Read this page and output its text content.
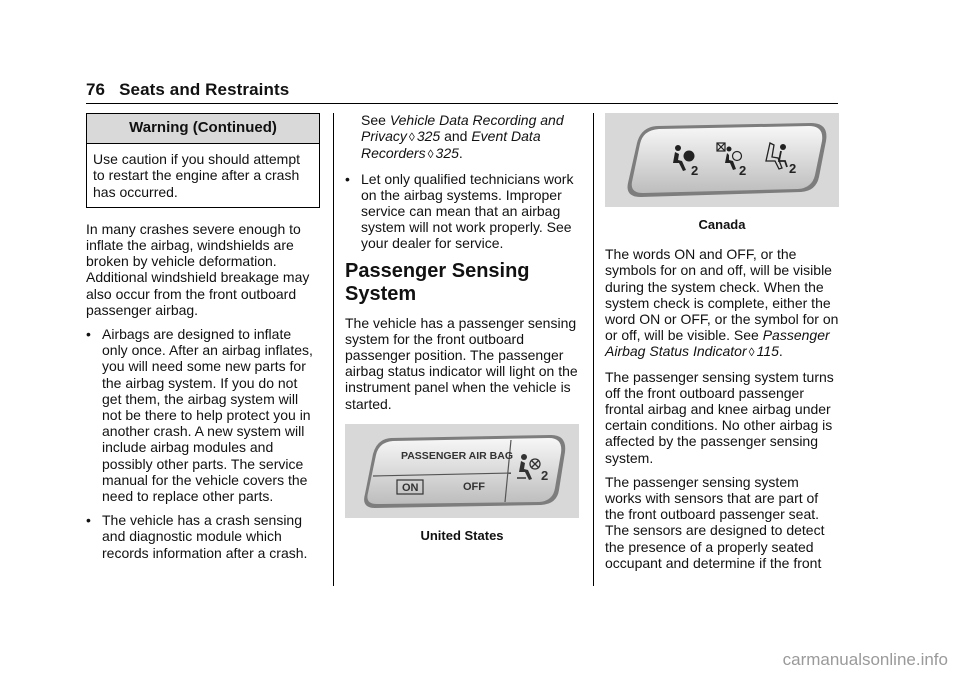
76 Seats and Restraints
Warning (Continued)
Use caution if you should attempt to restart the engine after a crash has occurred.

In many crashes severe enough to inflate the airbag, windshields are broken by vehicle deformation. Additional windshield breakage may also occur from the front outboard passenger airbag.

• Airbags are designed to inflate only once. After an airbag inflates, you will need some new parts for the airbag system. If you do not get them, the airbag system will not be there to help protect you in another crash. A new system will include airbag modules and possibly other parts. The service manual for the vehicle covers the need to replace other parts.
• The vehicle has a crash sensing and diagnostic module which records information after a crash.
See Vehicle Data Recording and Privacy ◊ 325 and Event Data Recorders ◊ 325.
• Let only qualified technicians work on the airbag systems. Improper service can mean that an airbag system will not work properly. See your dealer for service.
Passenger Sensing System

The vehicle has a passenger sensing system for the front outboard passenger position. The passenger airbag status indicator will light on the instrument panel when the vehicle is started.

PASSENGER AIR BAG
ON	OFF
2
United States
2	2	2
Canada

The words ON and OFF, or the symbols for on and off, will be visible during the system check. When the system check is complete, either the word ON or OFF, or the symbol for on or off, will be visible. See Passenger Airbag Status Indicator ◊ 115.

The passenger sensing system turns off the front outboard passenger frontal airbag and knee airbag under certain conditions. No other airbag is affected by the passenger sensing system.

The passenger sensing system works with sensors that are part of the front outboard passenger seat. The sensors are designed to detect the presence of a properly seated occupant and determine if the front

carmanualsonline.info
